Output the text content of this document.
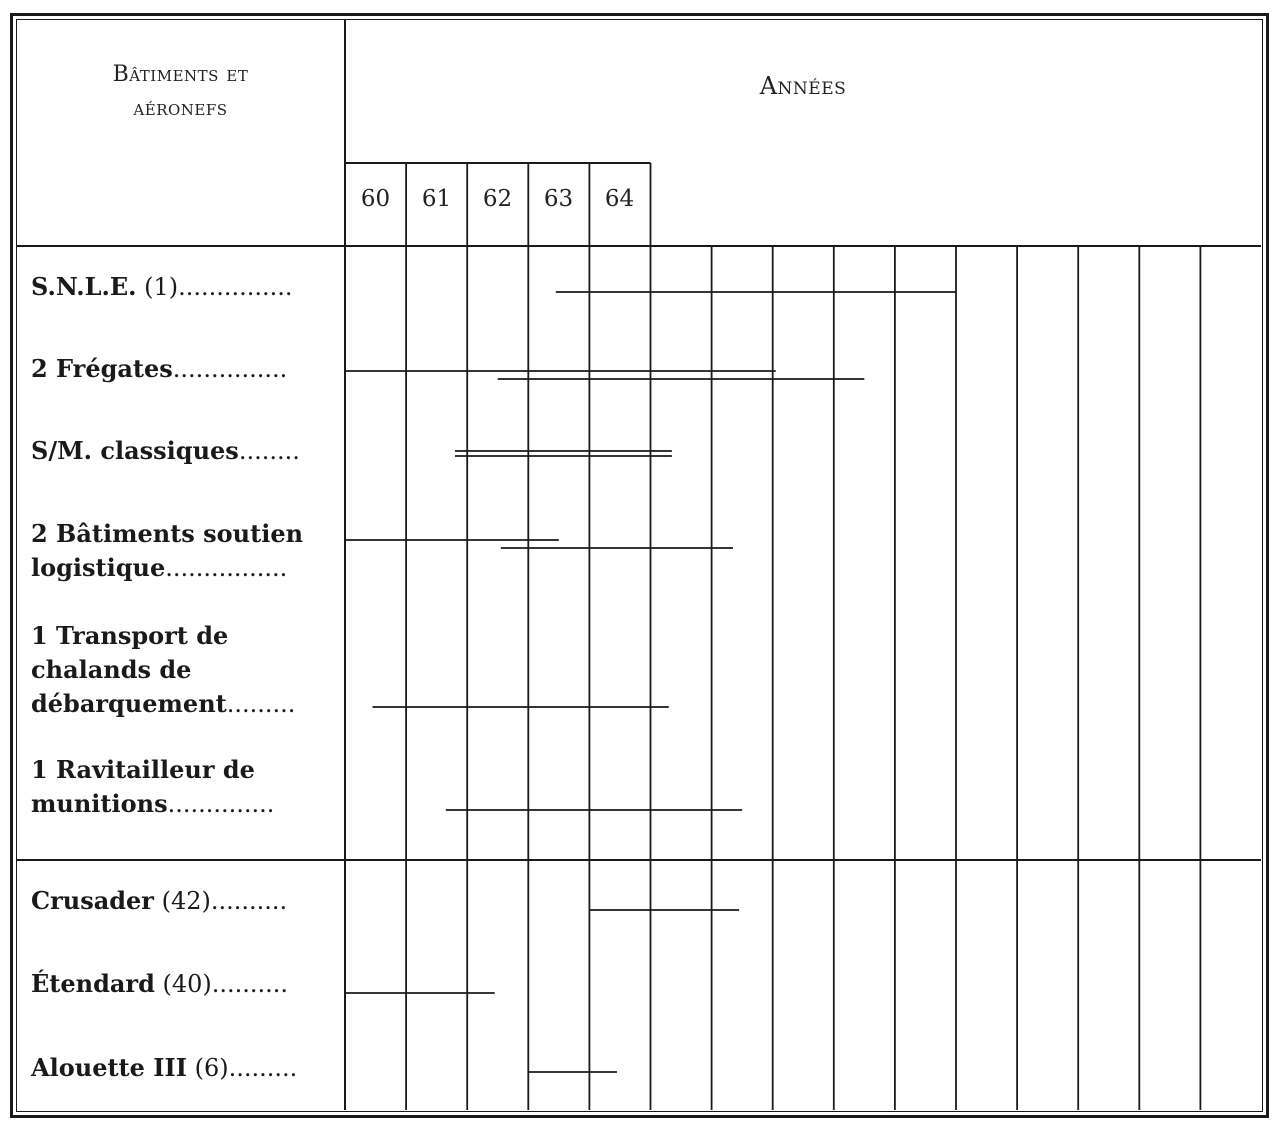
Bâtiments et
aéronefs
Années
60	61	62	63	64
S.N.L.E. (1)...............
2 Frégates...............
S/M. classiques........
2 Bâtiments soutien
logistique................
1 Transport de
chalands de
débarquement.........
1 Ravitailleur de
munitions..............
Crusader (42)..........
Étendard (40)..........
Alouette III (6).........
